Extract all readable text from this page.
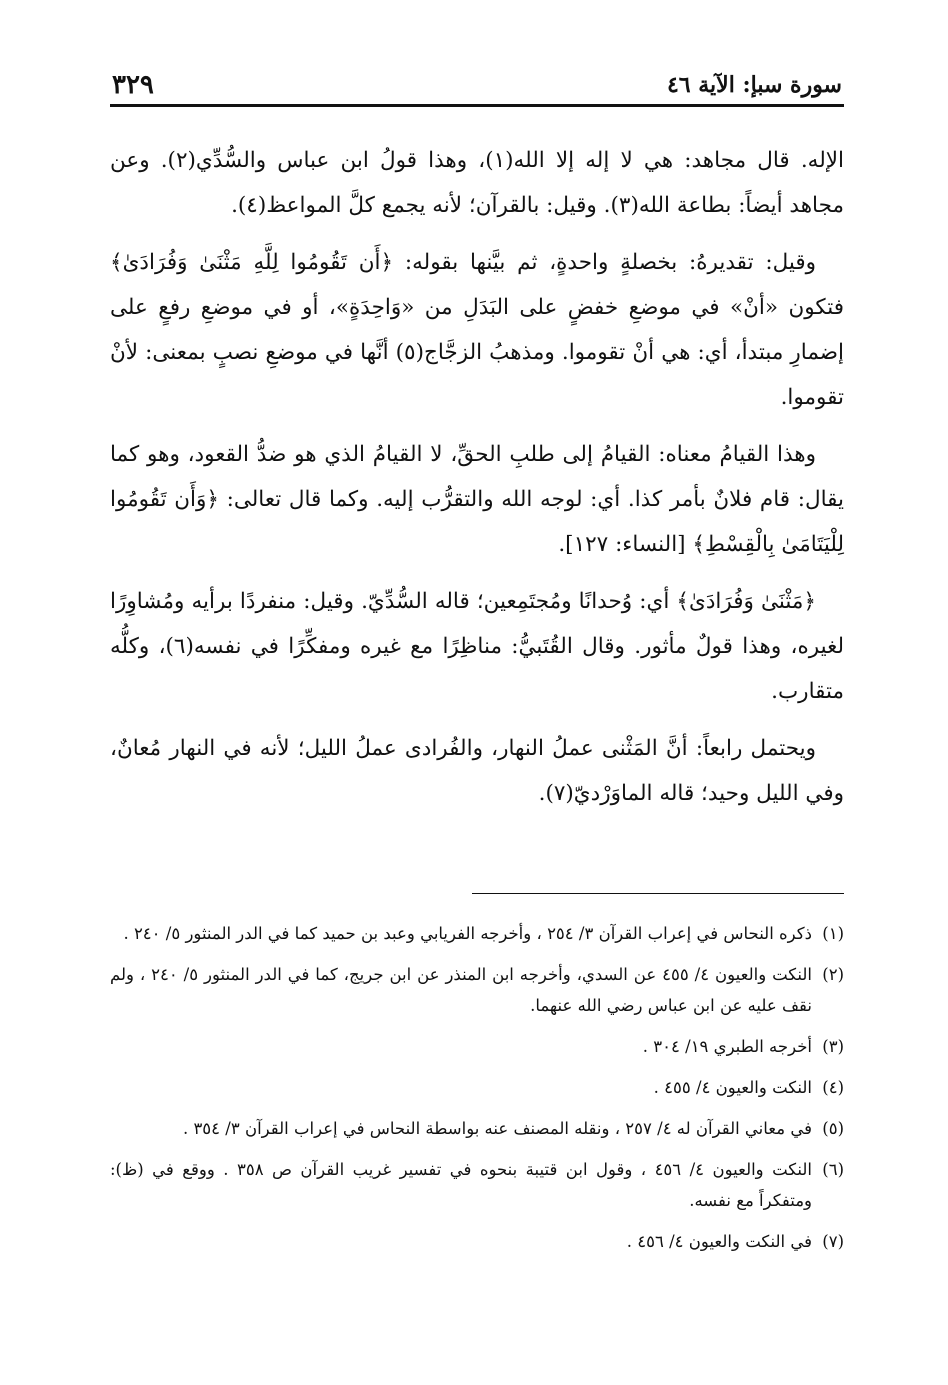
سورة سبإ: الآية ٤٦
٣٢٩

الإله. قال مجاهد: هي لا إله إلا الله(١)، وهذا قولُ ابن عباس والسُّدِّي(٢). وعن مجاهد أيضاً: بطاعة الله(٣). وقيل: بالقرآن؛ لأنه يجمع كلَّ المواعظ(٤).

وقيل: تقديرهُ: بخصلةٍ واحدةٍ، ثم بيَّنها بقوله: ﴿أَن تَقُومُوا لِلَّهِ مَثْنَىٰ وَفُرَادَىٰ﴾ فتكون «أنْ» في موضعِ خفضٍ على البَدَلِ من «وَاحِدَةٍ»، أو في موضعِ رفعٍ على إضمارِ مبتدأ، أي: هي أنْ تقوموا. ومذهبُ الزجَّاج(٥) أنَّها في موضعِ نصبٍ بمعنى: لأنْ تقوموا.

وهذا القيامُ معناه: القيامُ إلى طلبِ الحقِّ، لا القيامُ الذي هو ضدُّ القعود، وهو كما يقال: قام فلانٌ بأمر كذا. أي: لوجه الله والتقرُّب إليه. وكما قال تعالى: ﴿وَأَن تَقُومُوا لِلْيَتَامَىٰ بِالْقِسْطِ﴾ [النساء: ١٢٧].

﴿مَثْنَىٰ وَفُرَادَىٰ﴾ أي: وُحدانًا ومُجتَمِعين؛ قاله السُّدِّيّ. وقيل: منفردًا برأيه ومُشاوِرًا لغيره، وهذا قولٌ مأثور. وقال القُتَبيُّ: مناظِرًا مع غيره ومفكِّرًا في نفسه(٦)، وكلُّه متقارب.

ويحتمل رابعاً: أنَّ المَثْنى عملُ النهار، والفُرادى عملُ الليل؛ لأنه في النهار مُعانٌ، وفي الليل وحيد؛ قاله الماوَرْديّ(٧).

(١)ذكره النحاس في إعراب القرآن ٣/ ٢٥٤ ، وأخرجه الفريابي وعبد بن حميد كما في الدر المنثور ٥/ ٢٤٠ .
(٢)النكت والعيون ٤/ ٤٥٥ عن السدي، وأخرجه ابن المنذر عن ابن جريج، كما في الدر المنثور ٥/ ٢٤٠ ، ولم نقف عليه عن ابن عباس رضي الله عنهما.
(٣)أخرجه الطبري ١٩/ ٣٠٤ .
(٤)النكت والعيون ٤/ ٤٥٥ .
(٥)في معاني القرآن له ٤/ ٢٥٧ ، ونقله المصنف عنه بواسطة النحاس في إعراب القرآن ٣/ ٣٥٤ .
(٦)النكت والعيون ٤/ ٤٥٦ ، وقول ابن قتيبة بنحوه في تفسير غريب القرآن ص ٣٥٨ . ووقع في (ظ): ومتفكراً مع نفسه.
(٧)في النكت والعيون ٤/ ٤٥٦ .
